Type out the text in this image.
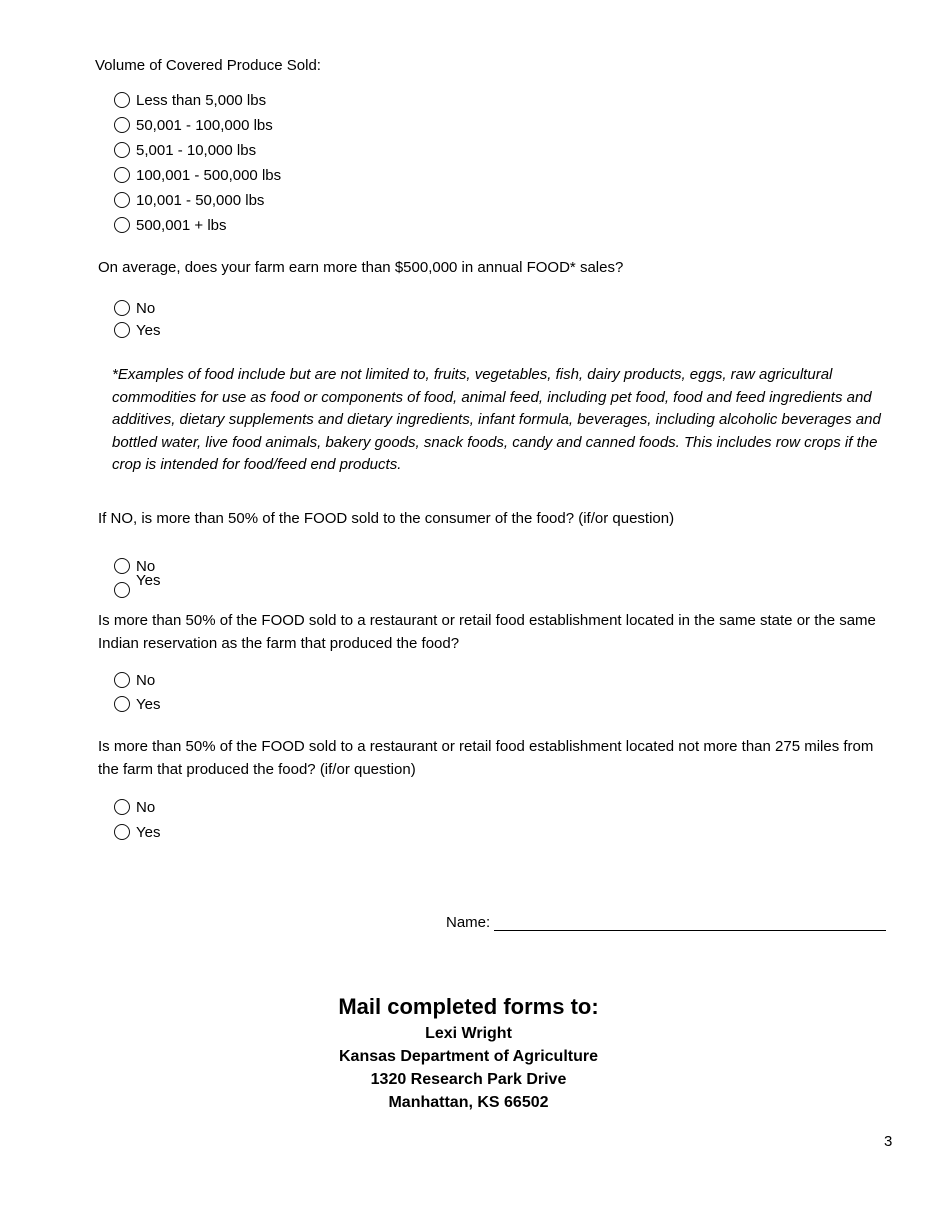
Volume of Covered Produce Sold:
Less than 5,000 lbs
50,001 - 100,000 lbs
5,001 - 10,000 lbs
100,001 - 500,000 lbs
10,001 - 50,000 lbs
500,001 + lbs
On average, does your farm earn more than $500,000 in annual FOOD* sales?
No
Yes
*Examples of food include but are not limited to, fruits, vegetables, fish, dairy products, eggs, raw agricultural commodities for use as food or components of food, animal feed, including pet food, food and feed ingredients and additives, dietary supplements and dietary ingredients, infant formula, beverages, including alcoholic beverages and bottled water, live food animals, bakery goods, snack foods, candy and canned foods. This includes row crops if the crop is intended for food/feed end products.
If NO, is more than 50% of the FOOD sold to the consumer of the food? (if/or question)
No
Yes
Is more than 50% of the FOOD sold to a restaurant or retail food establishment located in the same state or the same Indian reservation as the farm that produced the food?
No
Yes
Is more than 50% of the FOOD sold to a restaurant or retail food establishment located not more than 275 miles from the farm that produced the food? (if/or question)
No
Yes
Name:
Mail completed forms to:
Lexi Wright
Kansas Department of Agriculture
1320 Research Park Drive
Manhattan, KS 66502
3
